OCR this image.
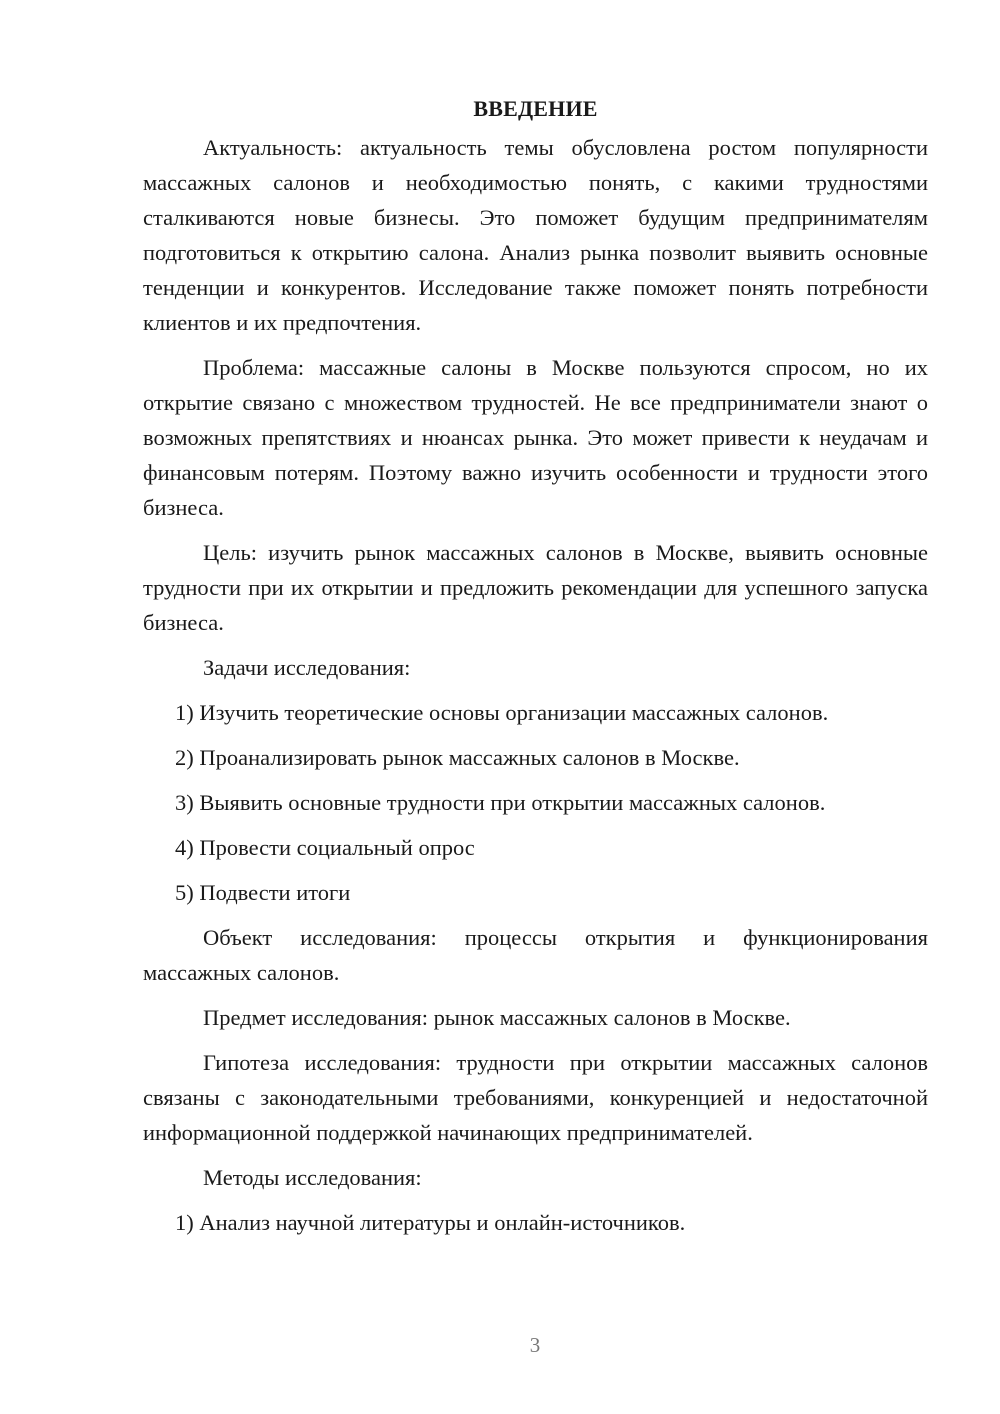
ВВЕДЕНИЕ

Актуальность: актуальность темы обусловлена ростом популярности массажных салонов и необходимостью понять, с какими трудностями сталкиваются новые бизнесы. Это поможет будущим предпринимателям подготовиться к открытию салона. Анализ рынка позволит выявить основные тенденции и конкурентов. Исследование также поможет понять потребности клиентов и их предпочтения.

Проблема: массажные салоны в Москве пользуются спросом, но их открытие связано с множеством трудностей. Не все предприниматели знают о возможных препятствиях и нюансах рынка. Это может привести к неудачам и финансовым потерям. Поэтому важно изучить особенности и трудности этого бизнеса.

Цель: изучить рынок массажных салонов в Москве, выявить основные трудности при их открытии и предложить рекомендации для успешного запуска бизнеса.

Задачи исследования:

1) Изучить теоретические основы организации массажных салонов.
2) Проанализировать рынок массажных салонов в Москве.
3) Выявить основные трудности при открытии массажных салонов.
4) Провести социальный опрос
5) Подвести итоги

Объект исследования: процессы открытия и функционирования массажных салонов.

Предмет исследования: рынок массажных салонов в Москве.

Гипотеза исследования: трудности при открытии массажных салонов связаны с законодательными требованиями, конкуренцией и недостаточной информационной поддержкой начинающих предпринимателей.

Методы исследования:

1) Анализ научной литературы и онлайн-источников.
3
